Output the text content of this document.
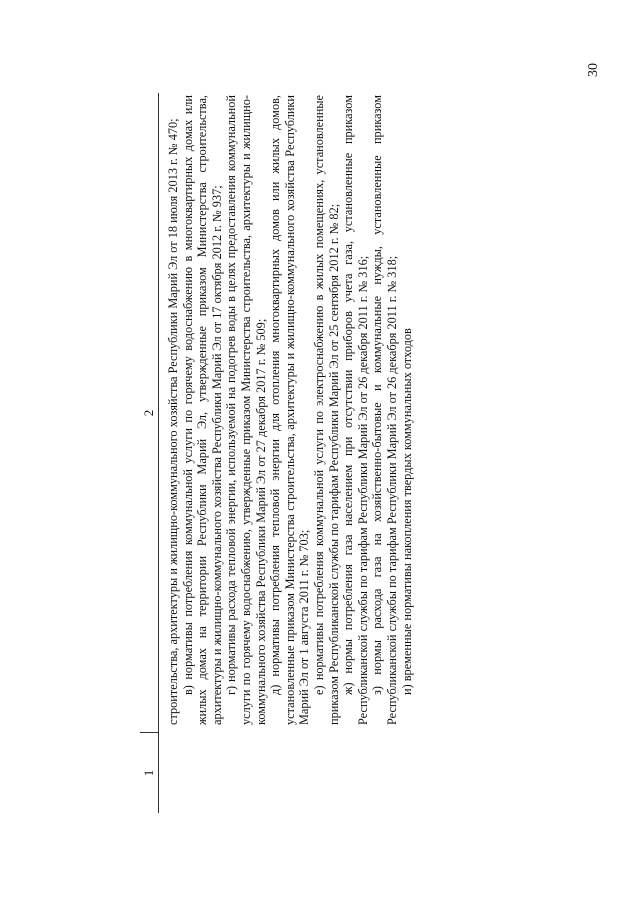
30
1
2 строительства, архитектуры и жилищно-коммунального хозяйства Республики Марий Эл от 18 июля 2013 г. № 470; в) нормативы потребления коммунальной услуги по горячему водоснабжению в многоквартирных домах или жилых домах на территории Республики Марий Эл, утвержденные приказом Министерства строительства, архитектуры и жилищно-коммунального хозяйства Республики Марий Эл от 17 октября 2012 г. № 937; г) нормативы расхода тепловой энергии, используемой на подогрев воды в целях предоставления коммунальной услуги по горячему водоснабжению, утвержденные приказом Министерства строительства, архитектуры и жилищно-коммунального хозяйства Республики Марий Эл от 27 декабря 2017 г. № 509; д) нормативы потребления тепловой энергии для отопления многоквартирных домов или жилых домов, установленные приказом Министерства строительства, архитектуры и жилищно-коммунального хозяйства Республики Марий Эл от 1 августа 2011 г. № 703; е) нормативы потребления коммунальной услуги по электроснабжению в жилых помещениях, установленные приказом Республиканской службы по тарифам Республики Марий Эл от 25 сентября 2012 г. № 82; ж) нормы потребления газа населением при отсутствии приборов учета газа, установленные приказом Республиканской службы по тарифам Республики Марий Эл от 26 декабря 2011 г. № 316; з) нормы расхода газа на хозяйственно-бытовые и коммунальные нужды, установленные приказом Республиканской службы по тарифам Республики Марий Эл от 26 декабря 2011 г. № 318; и) временные нормативы накопления твердых коммунальных отходов
